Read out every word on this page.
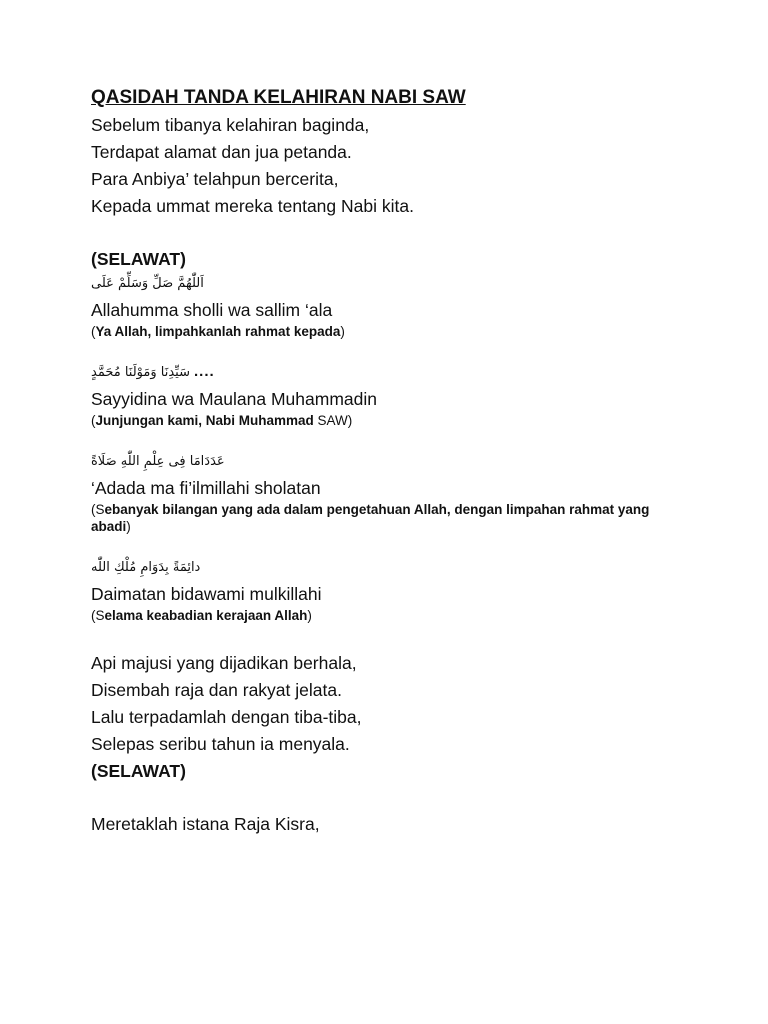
QASIDAH TANDA KELAHIRAN NABI SAW

Sebelum tibanya kelahiran baginda,

Terdapat alamat dan jua petanda.

Para Anbiya’ telahpun bercerita,

Kepada ummat mereka tentang Nabi kita.

(SELAWAT)

اَللّٰهُمَّ صَلِّ وَسَلِّمْ عَلَى

Allahumma sholli wa sallim ‘ala

(Ya Allah, limpahkanlah rahmat kepada)

سَيِّدِنَا وَمَوْلَنَا مُحَمَّدٍ ....

Sayyidina wa Maulana Muhammadin

(Junjungan kami, Nabi Muhammad SAW)

عَدَدَامَا فِى عِلْمِ اللّٰهِ صَلَاةً

‘Adada ma fi’ilmillahi sholatan

(Sebanyak bilangan yang ada dalam pengetahuan Allah, dengan limpahan rahmat yang abadi)

دائِمَةً بِدَوَامِ مُلْكِ اللّٰه

Daimatan bidawami mulkillahi

(Selama keabadian kerajaan Allah)

Api majusi yang dijadikan berhala,

Disembah raja dan rakyat jelata.

Lalu terpadamlah dengan tiba-tiba,

Selepas seribu tahun ia menyala.

(SELAWAT)

Meretaklah istana Raja Kisra,
